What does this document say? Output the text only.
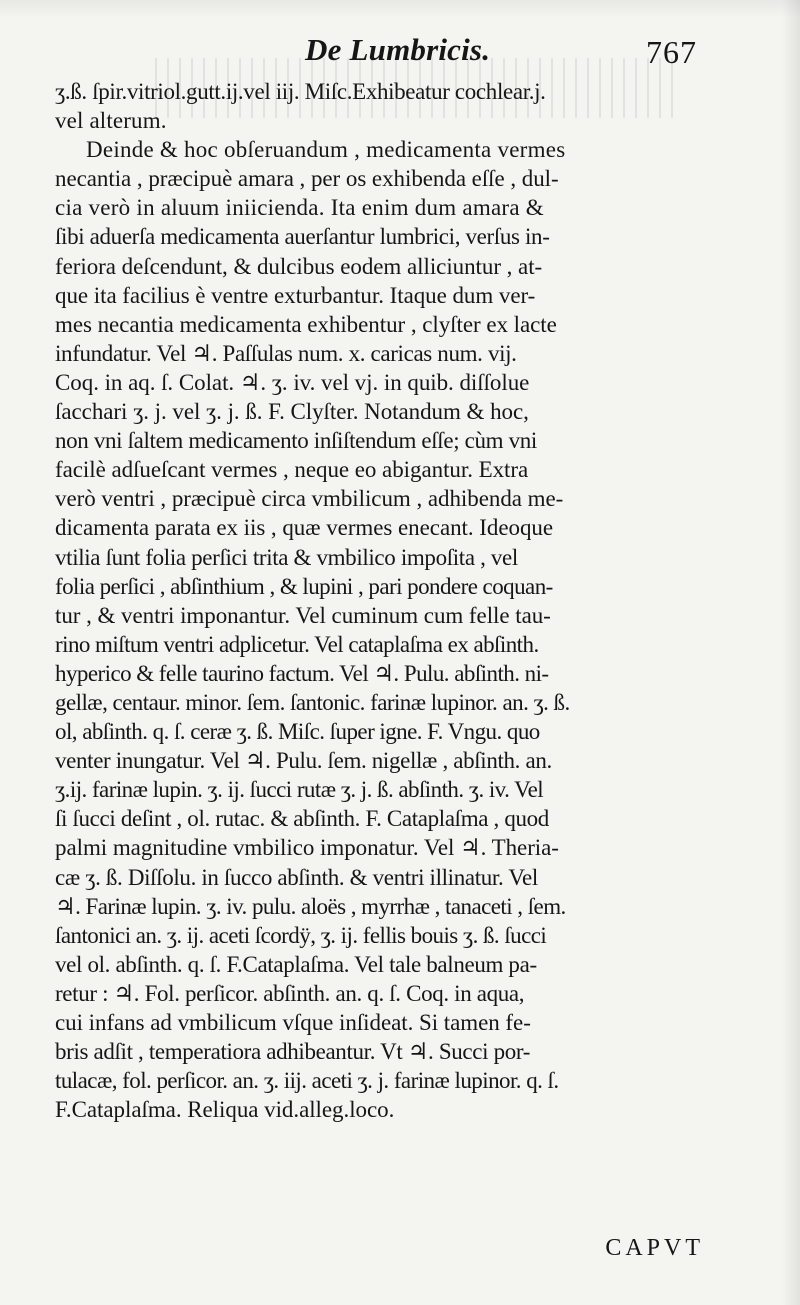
De Lumbricis.	767
ʒ.ß. ſpir.vitriol.gutt.ij.vel iij. Miſc.Exhibeatur cochlear.j.
vel alterum.
Deinde & hoc obſeruandum , medicamenta vermes
necantia , præcipuè amara , per os exhibenda eſſe , dul-
cia verò in aluum iniicienda. Ita enim dum amara &
ſibi aduerſa medicamenta auerſantur lumbrici, verſus in-
feriora deſcendunt, & dulcibus eodem alliciuntur , at-
que ita facilius è ventre exturbantur. Itaque dum ver-
mes necantia medicamenta exhibentur , clyſter ex lacte
infundatur. Vel ♃. Paſſulas num. x. caricas num. vij.
Coq. in aq. ſ. Colat. ♃. ʒ. iv. vel vj. in quib. diſſolue
ſacchari ʒ. j. vel ʒ. j. ß. F. Clyſter. Notandum & hoc,
non vni ſaltem medicamento inſiſtendum eſſe; cùm vni
facilè adſueſcant vermes , neque eo abigantur. Extra
verò ventri , præcipuè circa vmbilicum , adhibenda me-
dicamenta parata ex iis , quæ vermes enecant. Ideoque
vtilia ſunt folia perſici trita & vmbilico impoſita , vel
folia perſici , abſinthium , & lupini , pari pondere coquan-
tur , & ventri imponantur. Vel cuminum cum felle tau-
rino miſtum ventri adplicetur. Vel cataplaſma ex abſinth.
hyperico & felle taurino factum. Vel ♃. Pulu. abſinth. ni-
gellæ, centaur. minor. ſem. ſantonic. farinæ lupinor. an. ʒ. ß.
ol, abſinth. q. ſ. ceræ ʒ. ß. Miſc. ſuper igne. F. Vngu. quo
venter inungatur. Vel ♃. Pulu. ſem. nigellæ , abſinth. an.
ʒ.ij. farinæ lupin. ʒ. ij. ſucci rutæ ʒ. j. ß. abſinth. ʒ. iv. Vel
ſi ſucci deſint , ol. rutac. & abſinth. F. Cataplaſma , quod
palmi magnitudine vmbilico imponatur. Vel ♃. Theria-
cæ ʒ. ß. Diſſolu. in ſucco abſinth. & ventri illinatur. Vel
♃. Farinæ lupin. ʒ. iv. pulu. aloës , myrrhæ , tanaceti , ſem.
ſantonici an. ʒ. ij. aceti ſcordÿ, ʒ. ij. fellis bouis ʒ. ß. ſucci
vel ol. abſinth. q. ſ. F.Cataplaſma. Vel tale balneum pa-
retur : ♃. Fol. perſicor. abſinth. an. q. ſ. Coq. in aqua,
cui infans ad vmbilicum vſque inſideat. Si tamen fe-
bris adſit , temperatiora adhibeantur. Vt ♃. Succi por-
tulacæ, fol. perſicor. an. ʒ. iij. aceti ʒ. j. farinæ lupinor. q. ſ.
F.Cataplaſma. Reliqua vid.alleg.loco.
CAPVT
